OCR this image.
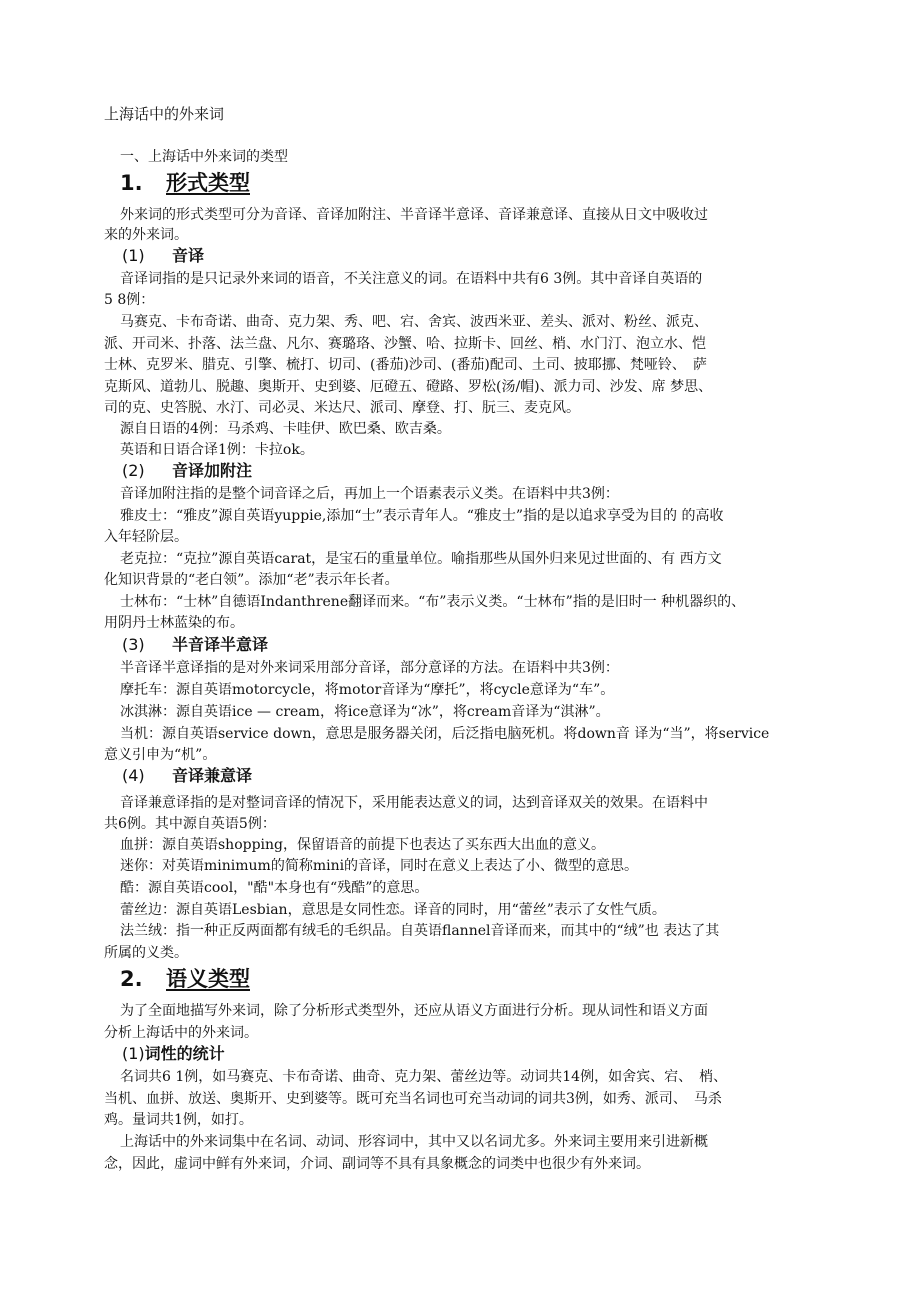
上海话中的外来词
一、上海话中外来词的类型
1. 形式类型
外来词的形式类型可分为音译、音译加附注、半音译半意译、音译兼意译、直接从日文中吸收过
来的外来词。
(1) 音译
音译词指的是只记录外来词的语音，不关注意义的词。在语料中共有6 3例。其中音译自英语的
5 8例：
马赛克、卡布奇诺、曲奇、克力架、秀、吧、宕、舍宾、波西米亚、差头、派对、粉丝、派克、
派、开司米、扑落、法兰盘、凡尔、赛璐珞、沙蟹、哈、拉斯卡、回丝、梢、水门汀、泡立水、恺
士林、克罗米、腊克、引擎、梳打、切司、(番茄)沙司、(番茄)配司、土司、披耶挪、梵哑铃、　萨
克斯风、道勃儿、脱趣、奥斯开、史到婆、厄磴五、磴路、罗松(汤/帽)、派力司、沙发、席 梦思、
司的克、史答脱、水汀、司必灵、米达尺、派司、摩登、打、朊三、麦克风。
源自日语的4例：马杀鸡、卡哇伊、欧巴桑、欧吉桑。
英语和日语合译1例：卡拉ok。
(2) 音译加附注
音译加附注指的是整个词音译之后，再加上一个语素表示义类。在语料中共3例：
雅皮士：“雅皮”源自英语yuppie,添加“士”表示青年人。“雅皮士”指的是以追求享受为目的 的高收
入年轻阶层。
老克拉：“克拉”源自英语carat，是宝石的重量单位。喻指那些从国外归来见过世面的、有 西方文
化知识背景的“老白领”。添加“老”表示年长者。
士林布：“士林”自德语Indanthrene翻译而来。“布”表示义类。“士林布”指的是旧时一 种机器织的、
用阴丹士林蓝染的布。
(3) 半音译半意译
半音译半意译指的是对外来词采用部分音译，部分意译的方法。在语料中共3例：
摩托车：源自英语motorcycle，将motor音译为“摩托”，将cycle意译为“车”。
冰淇淋：源自英语ice — cream，将ice意译为“冰”，将cream音译为“淇淋”。
当机：源自英语service down，意思是服务器关闭，后泛指电脑死机。将down音 译为“当”，将service
意义引申为“机”。
(4) 音译兼意译
音译兼意译指的是对整词音译的情况下，采用能表达意义的词，达到音译双关的效果。在语料中
共6例。其中源自英语5例：
血拼：源自英语shopping，保留语音的前提下也表达了买东西大出血的意义。
迷你：对英语minimum的简称mini的音译，同时在意义上表达了小、微型的意思。
酷：源自英语cool，"酷"本身也有“残酷”的意思。
蕾丝边：源自英语Lesbian，意思是女同性恋。译音的同时，用“蕾丝”表示了女性气质。
法兰绒：指一种正反两面都有绒毛的毛织品。自英语flannel音译而来，而其中的“绒”也 表达了其
所属的义类。
2. 语义类型
为了全面地描写外来词，除了分析形式类型外，还应从语义方面进行分析。现从词性和语义方面
分析上海话中的外来词。
(1)词性的统计
名词共6 1例，如马赛克、卡布奇诺、曲奇、克力架、蕾丝边等。动词共14例，如舍宾、宕、　梢、
当机、血拼、放送、奥斯开、史到婆等。既可充当名词也可充当动词的词共3例，如秀、派司、　马杀
鸡。量词共1例，如打。
上海话中的外来词集中在名词、动词、形容词中，其中又以名词尤多。外来词主要用来引进新概
念，因此，虚词中鲜有外来词，介词、副词等不具有具象概念的词类中也很少有外来词。
